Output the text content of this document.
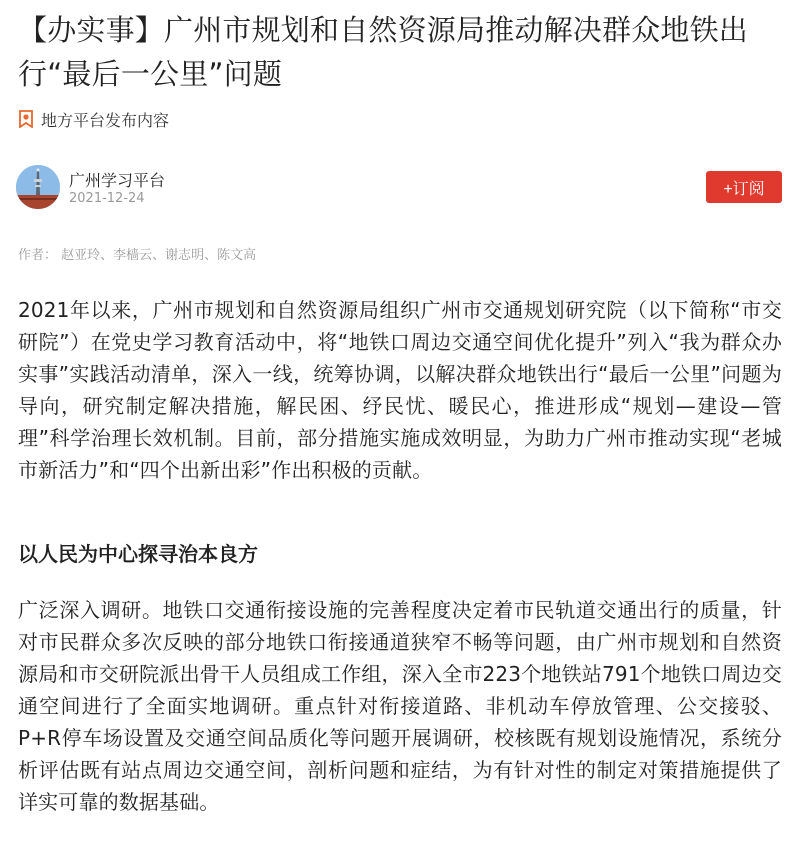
【办实事】广州市规划和自然资源局推动解决群众地铁出行“最后一公里”问题
地方平台发布内容
广州学习平台
2021-12-24
+订阅
作者： 赵亚玲、李樯云、谢志明、陈文高

2021年以来，广州市规划和自然资源局组织广州市交通规划研究院（以下简称“市交研院”）在党史学习教育活动中，将“地铁口周边交通空间优化提升”列入“我为群众办实事”实践活动清单，深入一线，统筹协调，以解决群众地铁出行“最后一公里”问题为导向，研究制定解决措施，解民困、纾民忧、暖民心，推进形成“规划—建设—管理”科学治理长效机制。目前，部分措施实施成效明显，为助力广州市推动实现“老城市新活力”和“四个出新出彩”作出积极的贡献。

以人民为中心探寻治本良方

广泛深入调研。地铁口交通衔接设施的完善程度决定着市民轨道交通出行的质量，针对市民群众多次反映的部分地铁口衔接通道狭窄不畅等问题，由广州市规划和自然资源局和市交研院派出骨干人员组成工作组，深入全市223个地铁站791个地铁口周边交通空间进行了全面实地调研。重点针对衔接道路、非机动车停放管理、公交接驳、P+R停车场设置及交通空间品质化等问题开展调研，校核既有规划设施情况，系统分析评估既有站点周边交通空间，剖析问题和症结，为有针对性的制定对策措施提供了详实可靠的数据基础。
